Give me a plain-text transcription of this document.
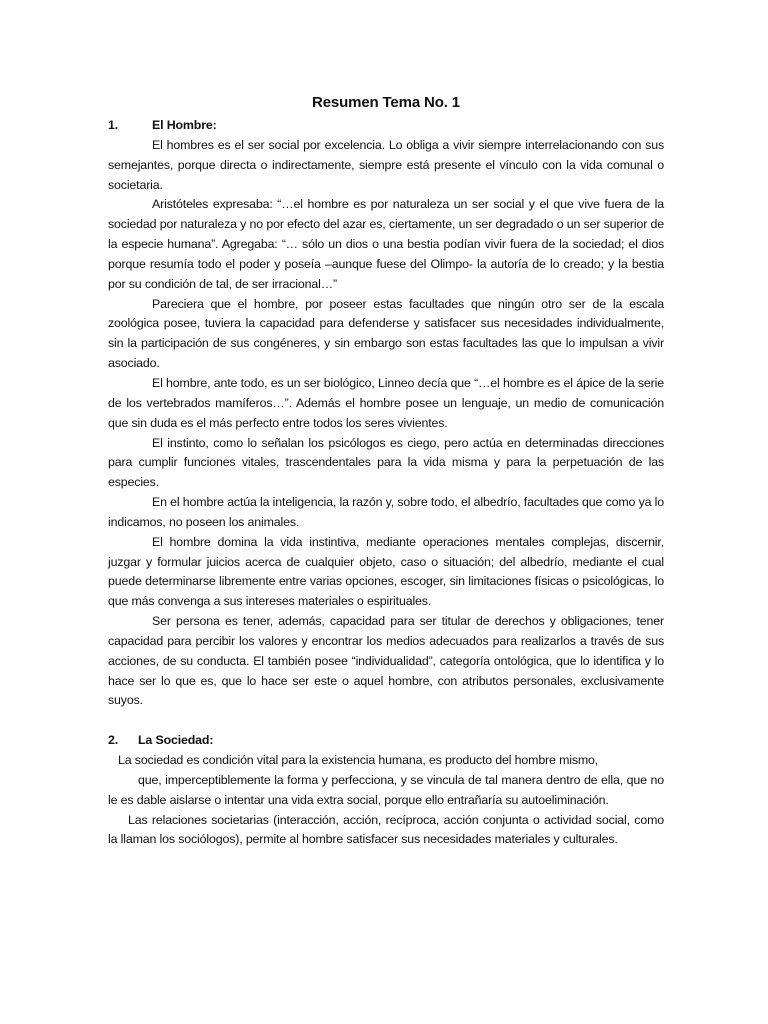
Resumen Tema No. 1
1.	El Hombre:

El hombres es el ser social por excelencia. Lo obliga a vivir siempre interrelacionando con sus semejantes, porque directa o indirectamente, siempre está presente el vínculo con la vida comunal o societaria.

Aristóteles expresaba: “…el hombre es por naturaleza un ser social y el que vive fuera de la sociedad por naturaleza y no por efecto del azar es, ciertamente, un ser degradado o un ser superior de la especie humana”. Agregaba: “… sólo un dios o una bestia podían vivir fuera de la sociedad; el dios porque resumía todo el poder y poseía –aunque fuese del Olimpo- la autoría de lo creado; y la bestia por su condición de tal, de ser irracional…”

Pareciera que el hombre, por poseer estas facultades que ningún otro ser de la escala zoológica posee, tuviera la capacidad para defenderse y satisfacer sus necesidades individualmente, sin la participación de sus congéneres, y sin embargo son estas facultades las que lo impulsan a vivir asociado.

El hombre, ante todo, es un ser biológico, Linneo decía que “…el hombre es el ápice de la serie de los vertebrados mamíferos…”. Además el hombre posee un lenguaje, un medio de comunicación que sin duda es el más perfecto entre todos los seres vivientes.

El instinto, como lo señalan los psicólogos es ciego, pero actúa en determinadas direcciones para cumplir funciones vitales, trascendentales para la vida misma y para la perpetuación de las especies.

En el hombre actúa la inteligencia, la razón y, sobre todo, el albedrío, facultades que como ya lo indicamos, no poseen los animales.

El hombre domina la vida instintiva, mediante operaciones mentales complejas, discernir, juzgar y formular juicios acerca de cualquier objeto, caso o situación; del albedrío, mediante el cual puede determinarse libremente entre varias opciones, escoger, sin limitaciones físicas o psicológicas, lo que más convenga a sus intereses materiales o espirituales.

Ser persona es tener, además, capacidad para ser titular de derechos y obligaciones, tener capacidad para percibir los valores y encontrar los medios adecuados para realizarlos a través de sus acciones, de su conducta. El también posee “individualidad”, categoría ontológica, que lo identifica y lo hace ser lo que es, que lo hace ser este o aquel hombre, con atributos personales, exclusivamente suyos.

2.	La Sociedad:

La sociedad es condición vital para la existencia humana, es producto del hombre mismo,

que, imperceptiblemente la forma y perfecciona, y se vincula de tal manera dentro de ella, que no le es dable aislarse o intentar una vida extra social, porque ello entrañaría su autoeliminación.

Las relaciones societarias (interacción, acción, recíproca, acción conjunta o actividad social, como la llaman los sociólogos), permite al hombre satisfacer sus necesidades materiales y culturales.
